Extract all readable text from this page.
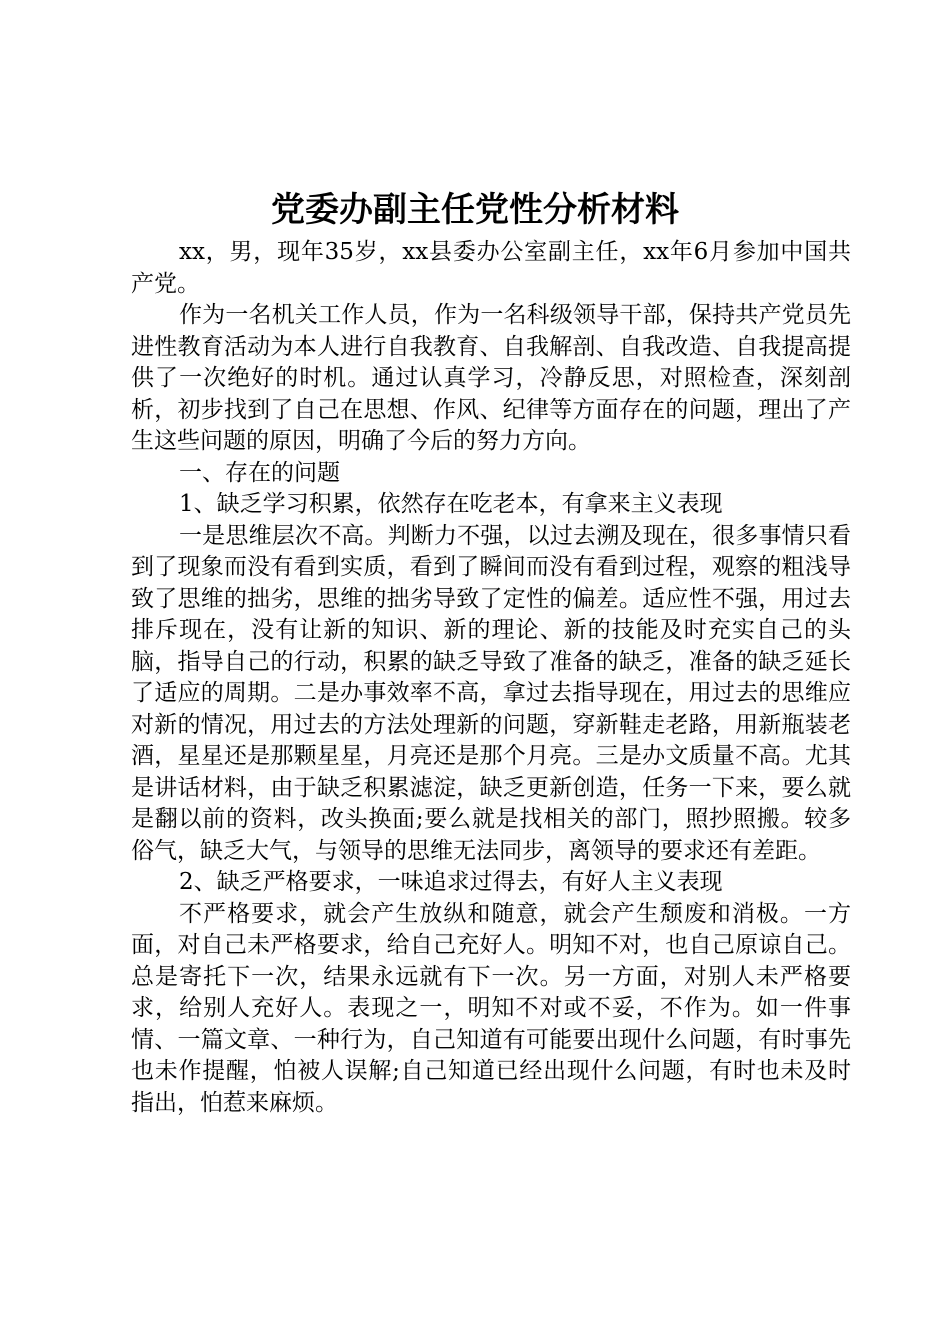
党委办副主任党性分析材料

xx，男，现年35岁，xx县委办公室副主任，xx年6月参加中国共产党。

作为一名机关工作人员，作为一名科级领导干部，保持共产党员先进性教育活动为本人进行自我教育、自我解剖、自我改造、自我提高提供了一次绝好的时机。通过认真学习，冷静反思，对照检查，深刻剖析，初步找到了自己在思想、作风、纪律等方面存在的问题，理出了产生这些问题的原因，明确了今后的努力方向。

一、存在的问题

1、缺乏学习积累，依然存在吃老本，有拿来主义表现

一是思维层次不高。判断力不强，以过去溯及现在，很多事情只看到了现象而没有看到实质，看到了瞬间而没有看到过程，观察的粗浅导致了思维的拙劣，思维的拙劣导致了定性的偏差。适应性不强，用过去排斥现在，没有让新的知识、新的理论、新的技能及时充实自己的头脑，指导自己的行动，积累的缺乏导致了准备的缺乏，准备的缺乏延长了适应的周期。二是办事效率不高，拿过去指导现在，用过去的思维应对新的情况，用过去的方法处理新的问题，穿新鞋走老路，用新瓶装老酒，星星还是那颗星星，月亮还是那个月亮。三是办文质量不高。尤其是讲话材料，由于缺乏积累滤淀，缺乏更新创造，任务一下来，要么就是翻以前的资料，改头换面;要么就是找相关的部门，照抄照搬。较多俗气，缺乏大气，与领导的思维无法同步，离领导的要求还有差距。

2、缺乏严格要求，一味追求过得去，有好人主义表现

不严格要求，就会产生放纵和随意，就会产生颓废和消极。一方面，对自己未严格要求，给自己充好人。明知不对，也自己原谅自己。总是寄托下一次，结果永远就有下一次。另一方面，对别人未严格要求，给别人充好人。表现之一，明知不对或不妥，不作为。如一件事情、一篇文章、一种行为，自己知道有可能要出现什么问题，有时事先也未作提醒，怕被人误解;自己知道已经出现什么问题，有时也未及时指出，怕惹来麻烦。
